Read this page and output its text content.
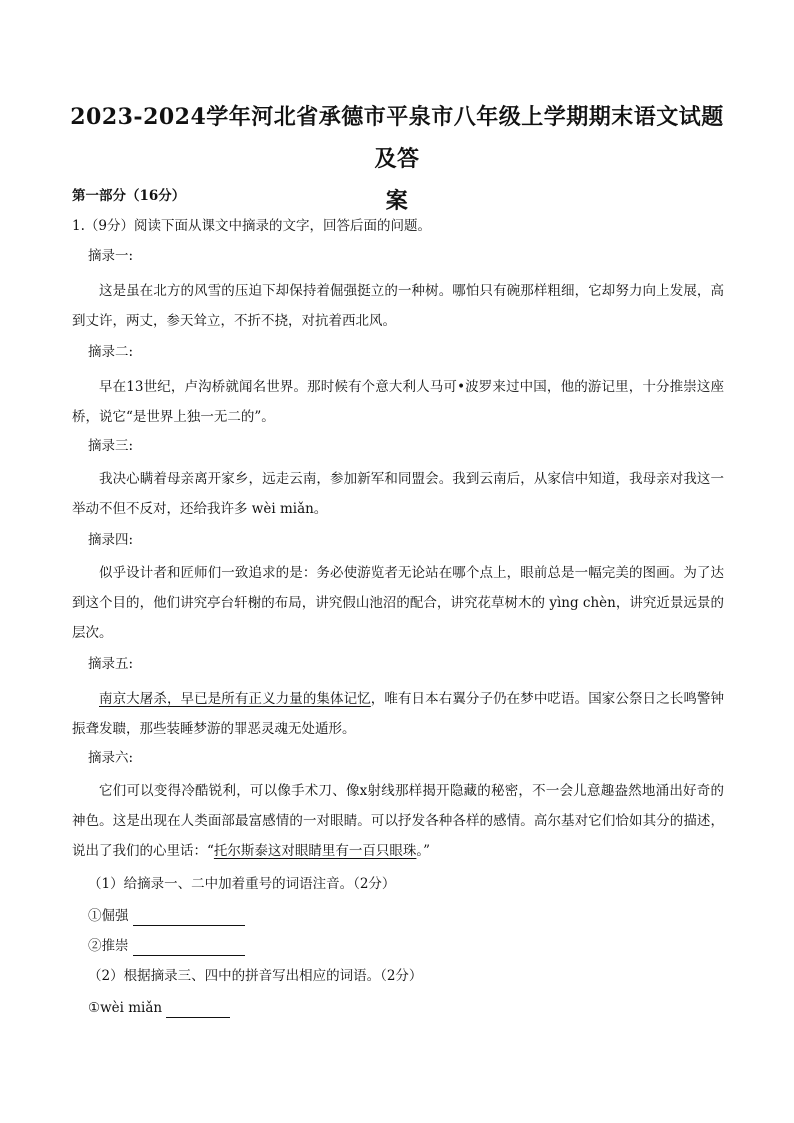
2023-2024学年河北省承德市平泉市八年级上学期期末语文试题及答
案
第一部分（16分）
1.（9分）阅读下面从课文中摘录的文字，回答后面的问题。
摘录一:
这是虽在北方的风雪的压迫下却保持着倔强挺立的一种树。哪怕只有碗那样粗细，它却努力向上发展，高到丈许，两丈，参天耸立，不折不挠，对抗着西北风。
摘录二:
早在13世纪，卢沟桥就闻名世界。那时候有个意大利人马可•波罗来过中国，他的游记里，十分推崇这座桥，说它“是世界上独一无二的”。
摘录三:
我决心瞒着母亲离开家乡，远走云南，参加新军和同盟会。我到云南后，从家信中知道，我母亲对我这一举动不但不反对，还给我许多 wèi miǎn。
摘录四:
似乎设计者和匠师们一致追求的是：务必使游览者无论站在哪个点上，眼前总是一幅完美的图画。为了达到这个目的，他们讲究亭台轩榭的布局，讲究假山池沼的配合，讲究花草树木的 yìng chèn，讲究近景远景的层次。
摘录五:
南京大屠杀，早已是所有正义力量的集体记忆，唯有日本右翼分子仍在梦中呓语。国家公祭日之长鸣警钟振聋发聩，那些装睡梦游的罪恶灵魂无处遁形。
摘录六:
它们可以变得冷酷锐利，可以像手术刀、像x射线那样揭开隐藏的秘密，不一会儿意趣盎然地涌出好奇的神色。这是出现在人类面部最富感情的一对眼睛。可以抒发各种各样的感情。高尔基对它们恰如其分的描述，说出了我们的心里话：“托尔斯泰这对眼睛里有一百只眼珠。”
（1）给摘录一、二中加着重号的词语注音。（2分）
①倔强
②推崇
（2）根据摘录三、四中的拼音写出相应的词语。（2分）
①wèi miǎn
